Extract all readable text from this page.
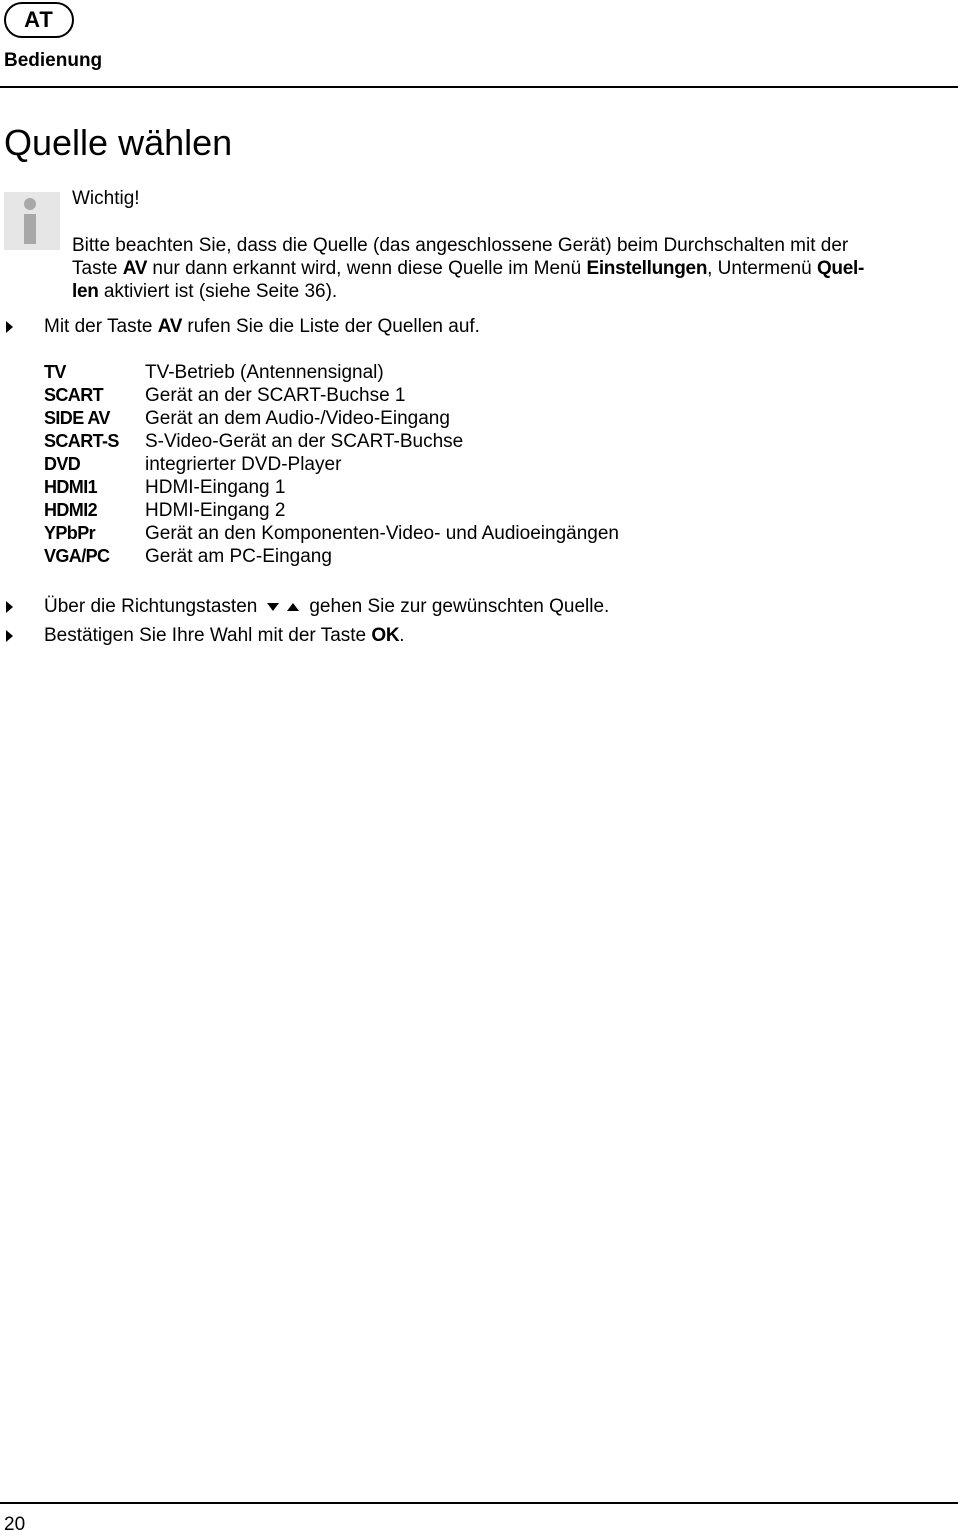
AT
Bedienung
Quelle wählen
Wichtig!
Bitte beachten Sie, dass die Quelle (das angeschlossene Gerät) beim Durchschalten mit der Taste AV nur dann erkannt wird, wenn diese Quelle im Menü Einstellungen, Untermenü Quel-
len aktiviert ist (siehe Seite 36).
Mit der Taste
AV
rufen Sie die Liste der Quellen auf.
TV	TV-Betrieb (Antennensignal)
SCART	Gerät an der SCART-Buchse 1
SIDE AV	Gerät an dem Audio-/Video-Eingang
SCART-S	S-Video-Gerät an der SCART-Buchse
DVD	integrierter DVD-Player
HDMI1	HDMI-Eingang 1
HDMI2	HDMI-Eingang 2
YPbPr	Gerät an den Komponenten-Video- und Audioeingängen
VGA/PC	Gerät am PC-Eingang
Über die Richtungstasten	gehen Sie zur gewünschten Quelle.
Bestätigen Sie Ihre Wahl mit der Taste
OK .
20
